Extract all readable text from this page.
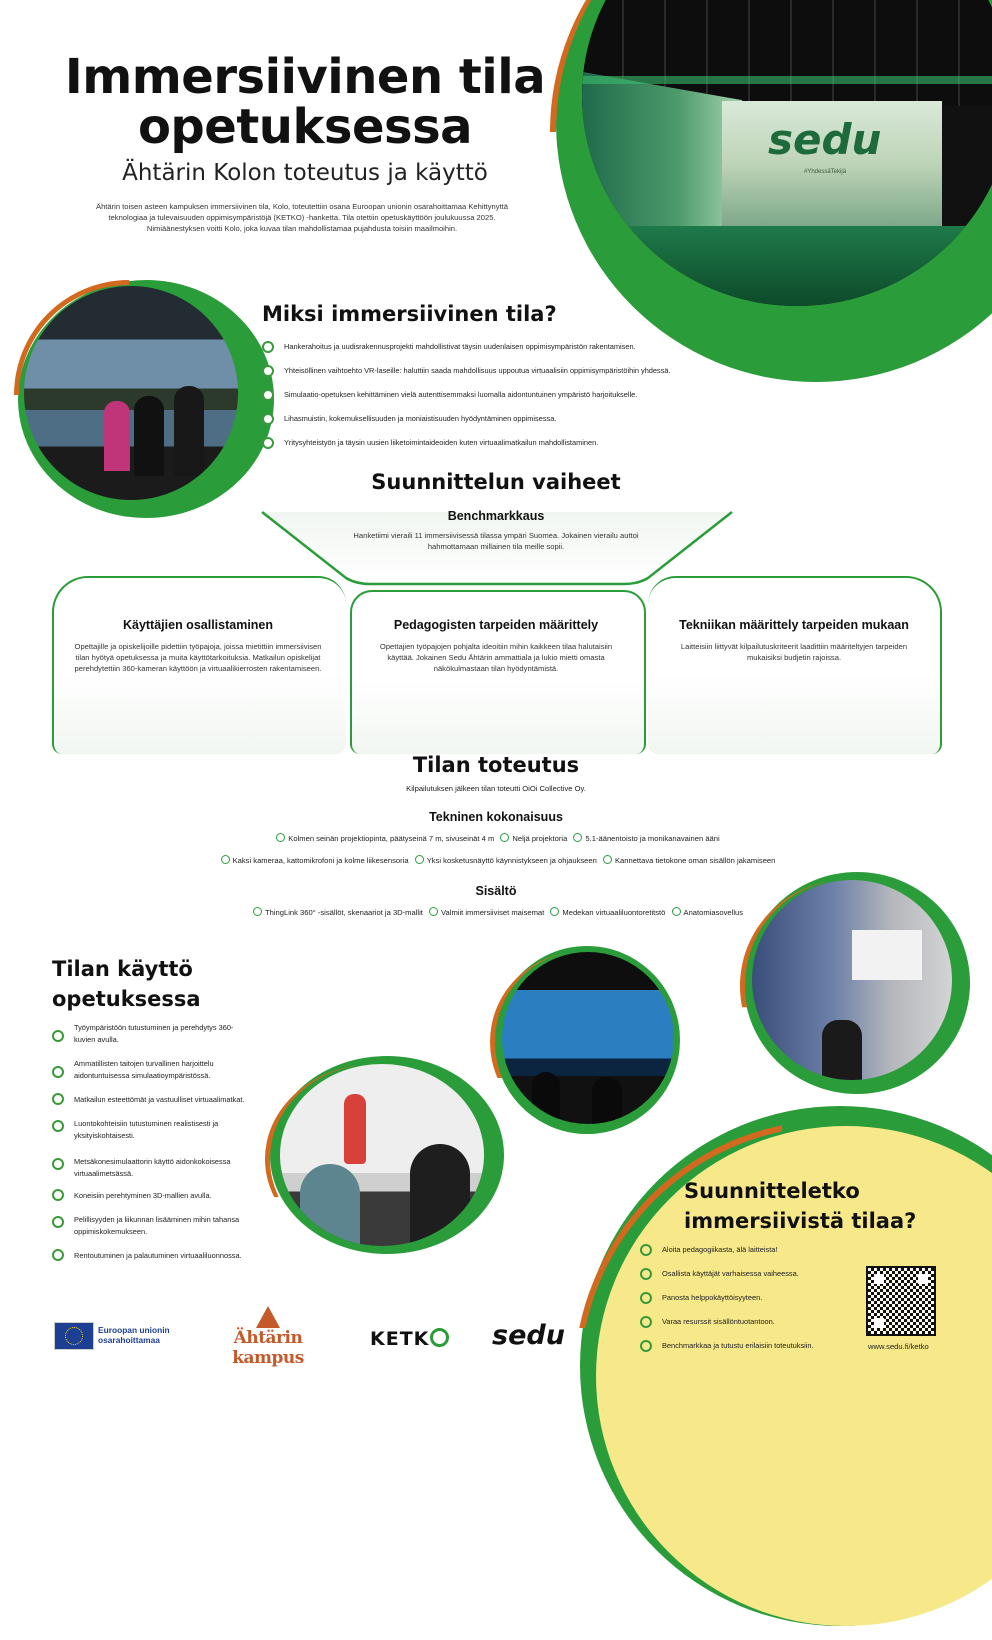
Immersiivinen tila
opetuksessa
Ähtärin Kolon toteutus ja käyttö
Ähtärin toisen asteen kampuksen immersiivinen tila, Kolo, toteutettiin osana Euroopan unionin osarahoittamaa Kehittynyttä teknologiaa ja tulevaisuuden oppimisympäristöjä (KETKO) -hanketta. Tila otettiin opetuskäyttöön joulukuussa 2025. Nimiäänestyksen voitti Kolo, joka kuvaa tilan mahdollistamaa pujahdusta toisiin maailmoihin.
sedu
#YhdessäTekijä
Miksi immersiivinen tila?
Hankerahoitus ja uudisrakennusprojekti mahdollistivat täysin uudenlaisen oppimisympäristön rakentamisen.
Yhteisöllinen vaihtoehto VR-laseille: haluttiin saada mahdollisuus uppoutua virtuaalisiin oppimisympäristöihin yhdessä.
Simulaatio-opetuksen kehittäminen vielä autenttisemmaksi luomalla aidontuntuinen ympäristö harjoitukselle.
Lihasmuistin, kokemuksellisuuden ja moniaistisuuden hyödyntäminen oppimisessa.
Yritysyhteistyön ja täysin uusien liiketoimintaideoiden kuten virtuaalimatkailun mahdollistaminen.
Suunnittelun vaiheet
Benchmarkkaus
Hanketiimi vieraili 11 immersiivisessä tilassa ympäri Suomea. Jokainen vierailu auttoi hahmottamaan millainen tila meille sopii.
Käyttäjien osallistaminen
Opettajille ja opiskelijoille pidettiin työpajoja, joissa mietittiin immersiivisen tilan hyötyä opetuksessa ja muita käyttötarkoituksia. Matkailun opiskelijat perehdytettiin 360-kameran käyttöön ja virtuaalikierrosten rakentamiseen.
Pedagogisten tarpeiden määrittely
Opettajien työpajojen pohjalta ideoitiin mihin kaikkeen tilaa halutaisiin käyttää. Jokainen Sedu Ähtärin ammattiala ja lukio mietti omasta näkökulmastaan tilan hyödyntämistä.
Tekniikan määrittely tarpeiden mukaan
Laitteisiin liittyvät kilpailutuskriteerit laadittiin määriteltyjen tarpeiden mukaisiksi budjetin rajoissa.
Tilan toteutus
Kilpailutuksen jälkeen tilan toteutti OiOi Collective Oy.
Tekninen kokonaisuus
Kolmen seinän projektiopinta, päätyseinä 7 m, sivuseinät 4 m Neljä projektoria 5.1-äänentoisto ja monikanavainen ääni
Kaksi kameraa, kattomikrofoni ja kolme liikesensoria Yksi kosketusnäyttö käynnistykseen ja ohjaukseen Kannettava tietokone oman sisällön jakamiseen
Sisältö
ThingLink 360° -sisällöt, skenaariot ja 3D-mallit Valmiit immersiiviset maisemat Medekan virtuaaliluontoretitstö Anatomiasovellus
Tilan käyttö
opetuksessa
Työympäristöön tutustuminen ja perehdytys 360-kuvien avulla.
Ammatillisten taitojen turvallinen harjoittelu aidontuntuisessa simulaatioympäristössä.
Matkailun esteettömät ja vastuulliset virtuaalimatkat.
Luontokohteisiin tutustuminen realistisesti ja yksityiskohtaisesti.
Metsäkonesimulaattorin käyttö aidonkokoisessa virtuaalimetsässä.
Koneisiin perehtyminen 3D-mallien avulla.
Pelillisyyden ja liikunnan lisääminen mihin tahansa oppimiskokemukseen.
Rentoutuminen ja palautuminen virtuaaliluonnossa.
Suunnitteletko
immersiivistä tilaa?
Aloita pedagogiikasta, älä laitteista!
Osallista käyttäjät varhaisessa vaiheessa.
Panosta helppokäyttöisyyteen.
Varaa resurssit sisällöntuotantoon.
Benchmarkkaa ja tutustu erilaisiin toteutuksiin.	www.sedu.fi/ketko
Euroopan unionin
osarahoittamaa	Ähtärin kampus
KETK	sedu
